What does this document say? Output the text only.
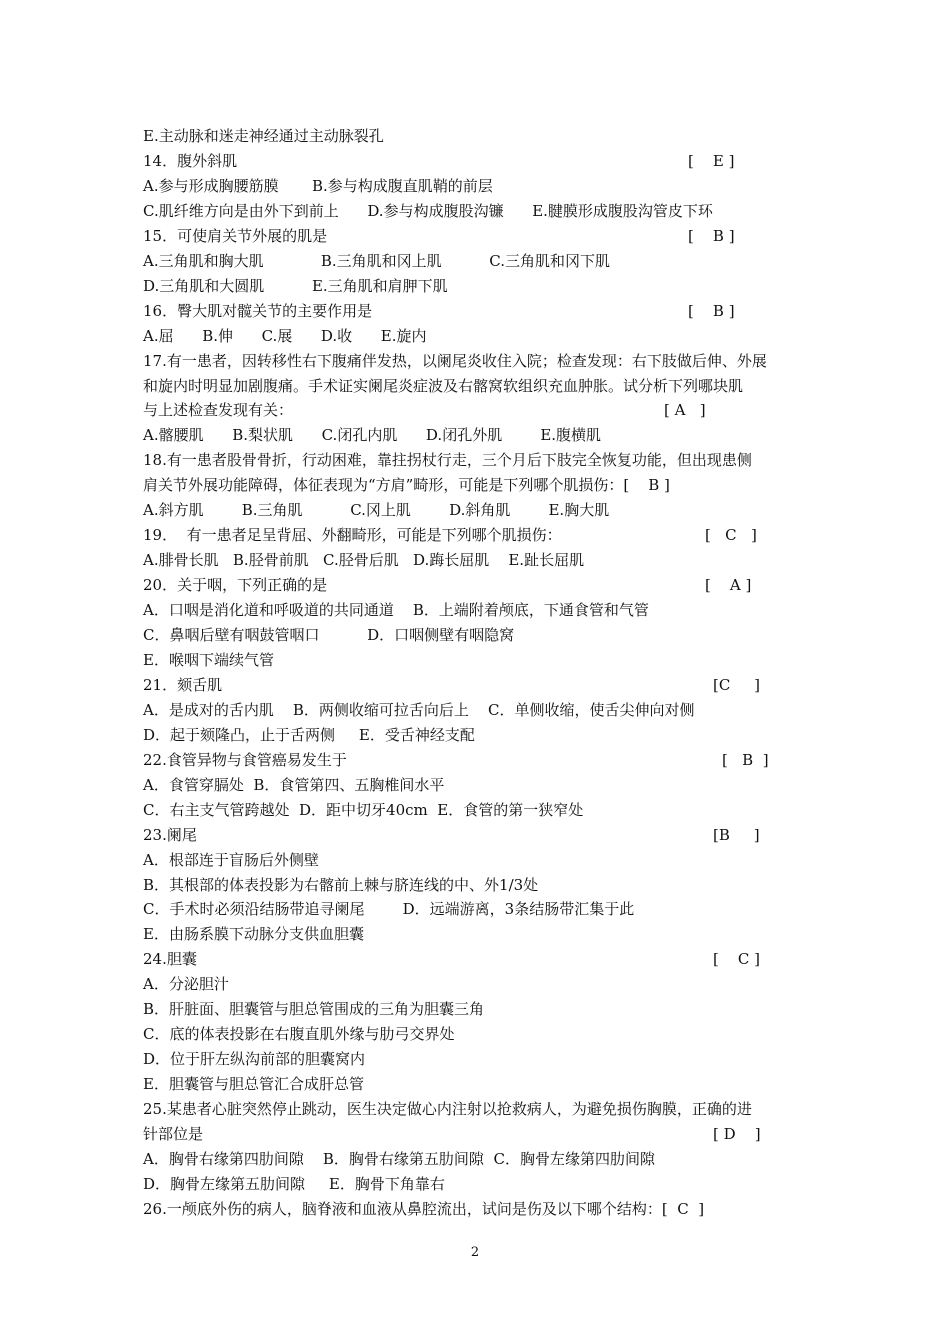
E.主动脉和迷走神经通过主动脉裂孔
14．腹外斜肌	[    E ]
A.参与形成胸腰筋膜       B.参与构成腹直肌鞘的前层
C.肌纤维方向是由外下到前上      D.参与构成腹股沟镰      E.腱膜形成腹股沟管皮下环
15．可使肩关节外展的肌是	[    B ]
A.三角肌和胸大肌            B.三角肌和冈上肌          C.三角肌和冈下肌
D.三角肌和大圆肌          E.三角肌和肩胛下肌
16．臀大肌对髋关节的主要作用是	[    B ]
A.屈      B.伸      C.展      D.收      E.旋内
17.有一患者，因转移性右下腹痛伴发热，以阑尾炎收住入院；检查发现：右下肢做后伸、外展
和旋内时明显加剧腹痛。手术证实阑尾炎症波及右髂窝软组织充血肿胀。试分析下列哪块肌
与上述检查发现有关：	[ A   ]
A.髂腰肌      B.梨状肌      C.闭孔内肌      D.闭孔外肌        E.腹横肌
18.有一患者股骨骨折，行动困难，靠拄拐杖行走，三个月后下肢完全恢复功能，但出现患侧
肩关节外展功能障碍，体征表现为“方肩”畸形，可能是下列哪个肌损伤：[    B ]
A.斜方肌        B.三角肌          C.冈上肌        D.斜角肌        E.胸大肌
19．  有一患者足呈背屈、外翻畸形，可能是下列哪个肌损伤：	[   C   ]
A.腓骨长肌   B.胫骨前肌   C.胫骨后肌   D.踇长屈肌    E.趾长屈肌
20．关于咽，下列正确的是	[    A ]
A．口咽是消化道和呼吸道的共同通道    B．上端附着颅底，下通食管和气管
C．鼻咽后壁有咽鼓管咽口          D．口咽侧壁有咽隐窝
E．喉咽下端续气管
21．颏舌肌	[C     ]
A．是成对的舌内肌    B．两侧收缩可拉舌向后上    C．单侧收缩，使舌尖伸向对侧
D．起于颏隆凸，止于舌两侧     E．受舌神经支配
22.食管异物与食管癌易发生于	[   B  ]
A．食管穿膈处  B．食管第四、五胸椎间水平
C．右主支气管跨越处  D．距中切牙40cm  E．食管的第一狭窄处
23.阑尾	[B     ]
A．根部连于盲肠后外侧壁
B．其根部的体表投影为右髂前上棘与脐连线的中、外1/3处
C．手术时必须沿结肠带追寻阑尾        D．远端游离，3条结肠带汇集于此
E．由肠系膜下动脉分支供血胆囊
24.胆囊	[    C ]
A．分泌胆汁
B．肝脏面、胆囊管与胆总管围成的三角为胆囊三角
C．底的体表投影在右腹直肌外缘与肋弓交界处
D．位于肝左纵沟前部的胆囊窝内
E．胆囊管与胆总管汇合成肝总管
25.某患者心脏突然停止跳动，医生决定做心内注射以抢救病人，为避免损伤胸膜，正确的进
针部位是	[ D    ]
A．胸骨右缘第四肋间隙    B．胸骨右缘第五肋间隙  C．胸骨左缘第四肋间隙
D．胸骨左缘第五肋间隙     E．胸骨下角靠右
26.一颅底外伤的病人，脑脊液和血液从鼻腔流出，试问是伤及以下哪个结构：[  C  ]
2
